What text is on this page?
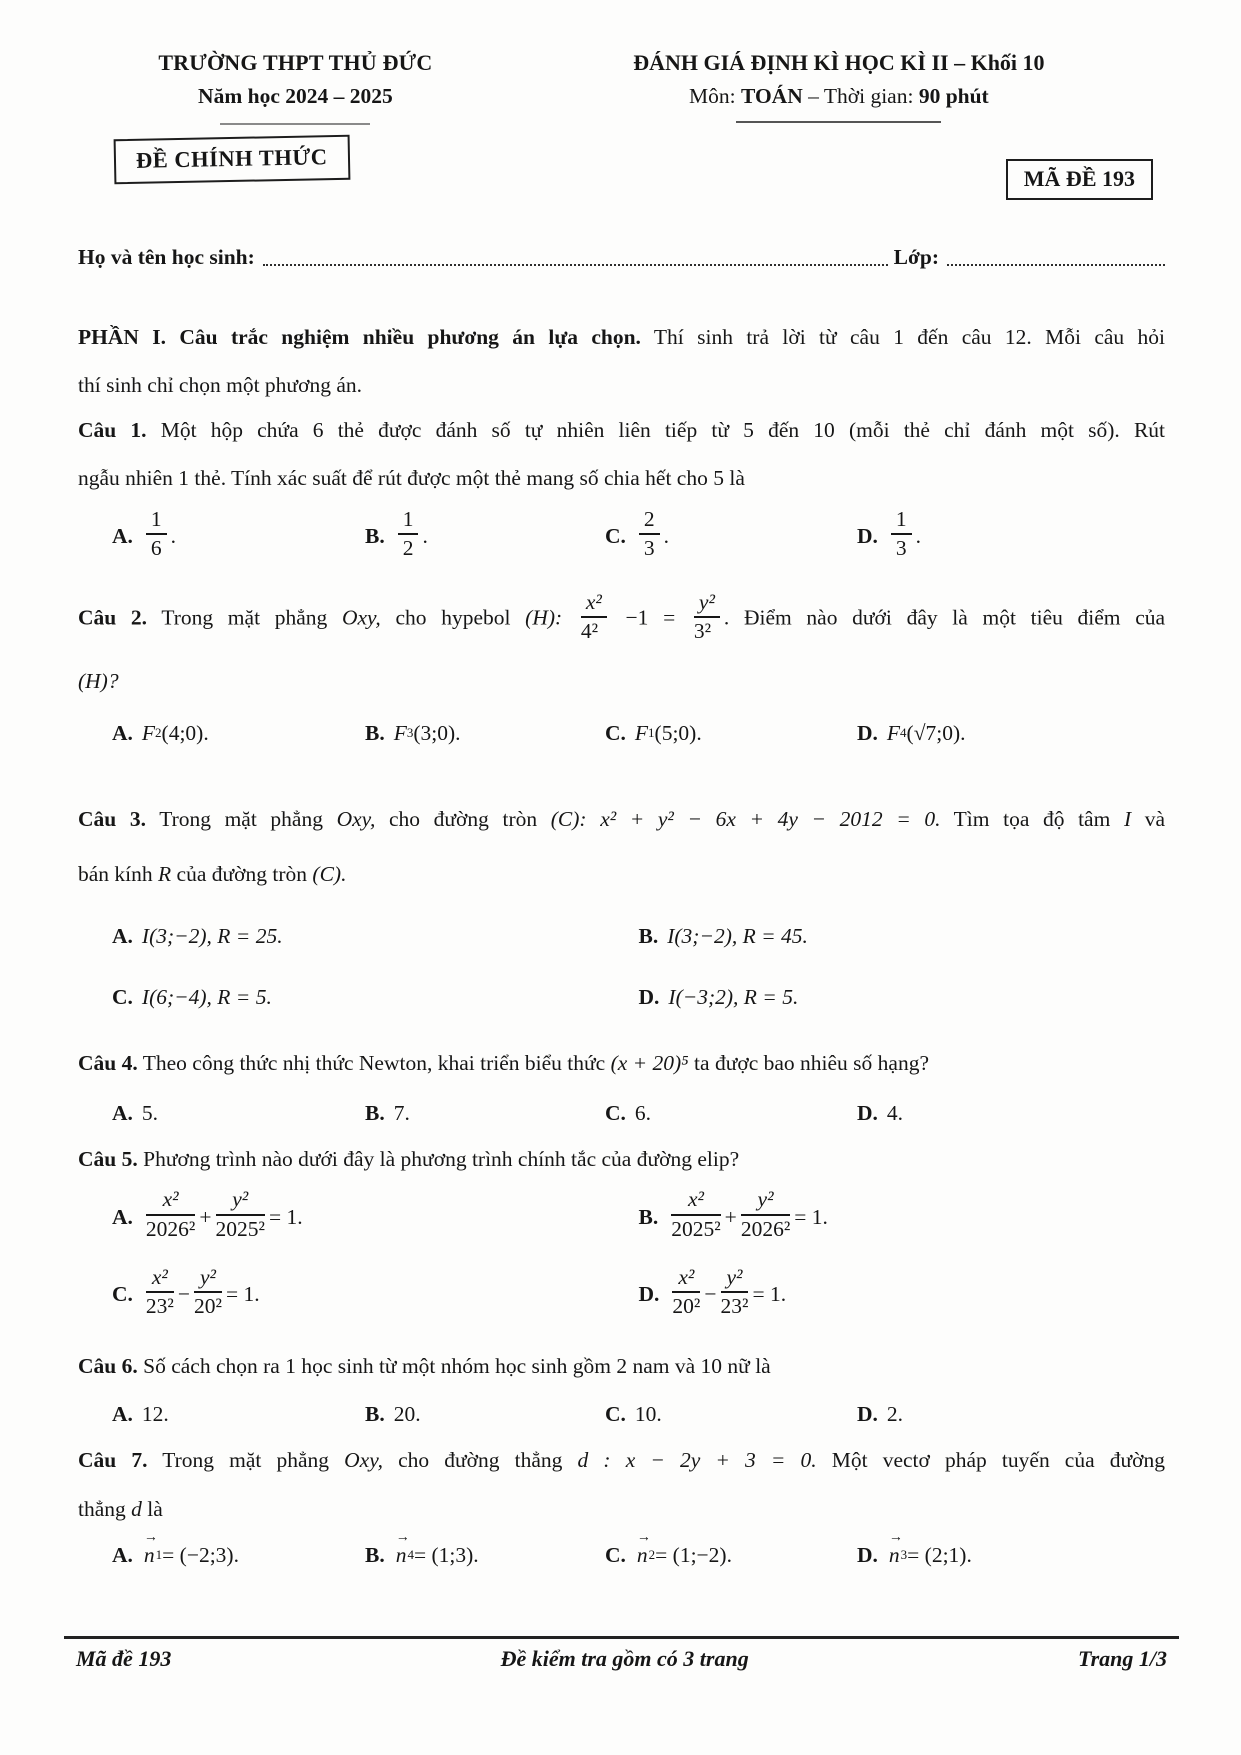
TRƯỜNG THPT THỦ ĐỨC
Năm học 2024 – 2025
ĐÁNH GIÁ ĐỊNH KÌ HỌC KÌ II – Khối 10
Môn: TOÁN – Thời gian: 90 phút
ĐỀ CHÍNH THỨC
MÃ ĐỀ 193
Họ và tên học sinh:	Lớp:
PHẦN I. Câu trắc nghiệm nhiều phương án lựa chọn. Thí sinh trả lời từ câu 1 đến câu 12. Mỗi câu hỏi
thí sinh chỉ chọn một phương án.
Câu 1. Một hộp chứa 6 thẻ được đánh số tự nhiên liên tiếp từ 5 đến 10 (mỗi thẻ chỉ đánh một số). Rút
ngẫu nhiên 1 thẻ. Tính xác suất để rút được một thẻ mang số chia hết cho 5 là
A. $\frac{1}{6}$ .	B. $\frac{1}{2}$ .	C. $\frac{2}{3}$ .	D. $\frac{1}{3}$ .
Câu 2. Trong mặt phẳng Oxy, cho hypebol (H): $\frac{\text{x²}}{\text{4²}} -1 = \frac{\text{y²}}{\text{3²}}$ . Điểm nào dưới đây là một tiêu điểm của
(H)?
A. F 2 (4;0).	B. F 3 (3;0).	C. F 1 (5;0).	D. F 4 (√7;0).
Câu 3. Trong mặt phẳng Oxy, cho đường tròn (C): x² + y² − 6x + 4y − 2012 = 0. Tìm tọa độ tâm I và
bán kính R của đường tròn (C).
A. I(3;−2), R = 25.	B. I(3;−2), R = 45.
C. I(6;−4), R = 5.	D. I(−3;2), R = 5.
Câu 4. Theo công thức nhị thức Newton, khai triển biểu thức (x + 20)⁵ ta được bao nhiêu số hạng?
A. 5.	B. 7.	C. 6.	D. 4.
Câu 5. Phương trình nào dưới đây là phương trình chính tắc của đường elip?
A. $\frac{\text{x²}}{\text{2026²}} + \frac{\text{y²}}{\text{2025²}} = 1$.	B. $\frac{\text{x²}}{\text{2025²}} + \frac{\text{y²}}{\text{2026²}} = 1$.
C. $\frac{\text{x²}}{\text{23²}} - \frac{\text{y²}}{\text{20²}} = 1$.	D. $\frac{\text{x²}}{\text{20²}} - \frac{\text{y²}}{\text{23²}} = 1$.
Câu 6. Số cách chọn ra 1 học sinh từ một nhóm học sinh gồm 2 nam và 10 nữ là
A. 12.	B. 20.	C. 10.	D. 2.
Câu 7. Trong mặt phẳng Oxy, cho đường thẳng d : x − 2y + 3 = 0. Một vectơ pháp tuyến của đường
thẳng d là
A. → n 1 = (−2;3).	B. → n 4 = (1;3).	C. → n 2 = (1;−2).	D. → n 3 = (2;1).
Mã đề 193	Đề kiểm tra gồm có 3 trang	Trang 1/3
